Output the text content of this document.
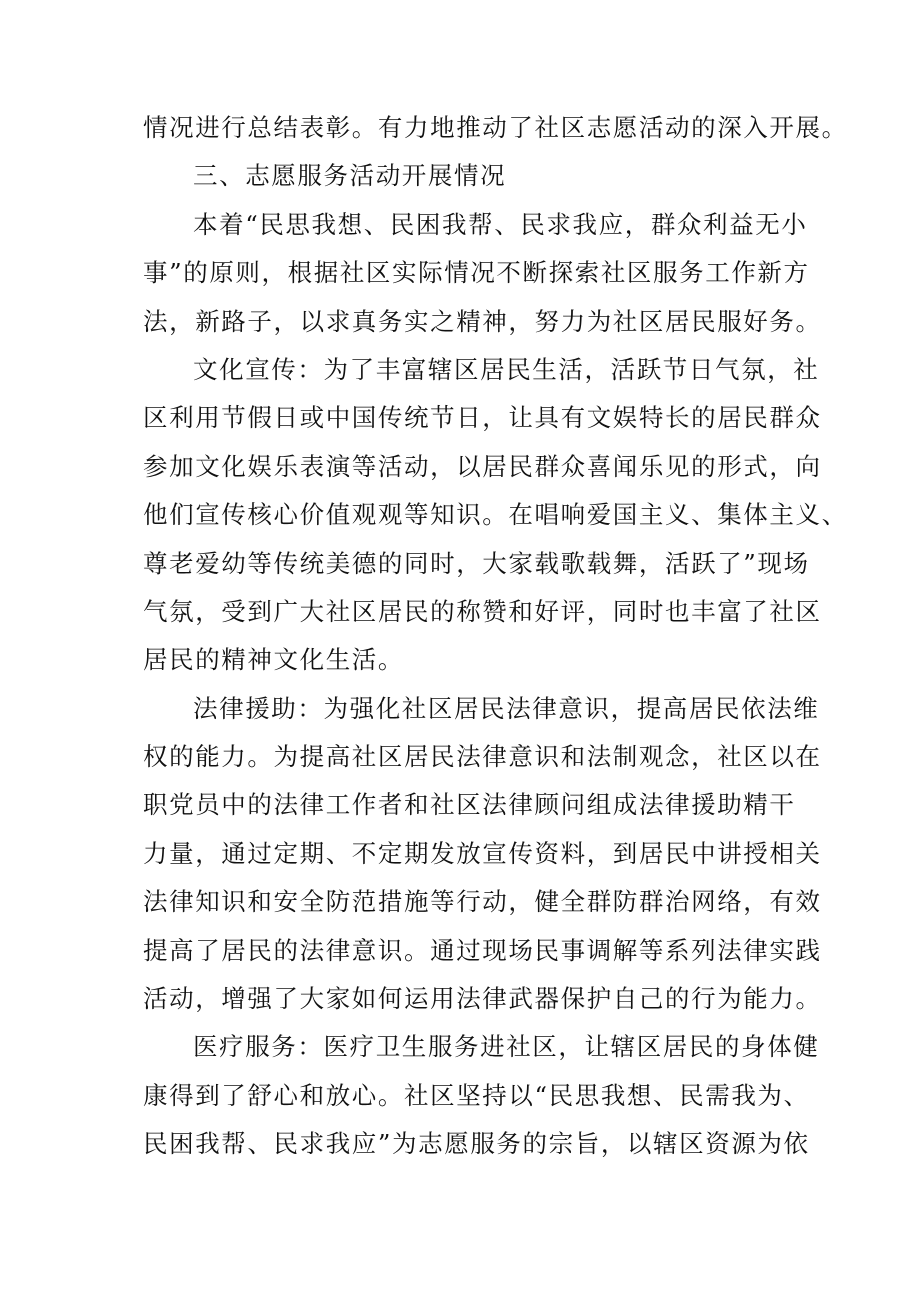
情况进行总结表彰。有力地推动了社区志愿活动的深入开展。
三、志愿服务活动开展情况
本着“民思我想、民困我帮、民求我应，群众利益无小
事”的原则，根据社区实际情况不断探索社区服务工作新方
法，新路子，以求真务实之精神，努力为社区居民服好务。
文化宣传：为了丰富辖区居民生活，活跃节日气氛，社
区利用节假日或中国传统节日，让具有文娱特长的居民群众
参加文化娱乐表演等活动，以居民群众喜闻乐见的形式，向
他们宣传核心价值观观等知识。在唱响爱国主义、集体主义、
尊老爱幼等传统美德的同时，大家载歌载舞，活跃了”现场
气氛，受到广大社区居民的称赞和好评，同时也丰富了社区
居民的精神文化生活。
法律援助：为强化社区居民法律意识，提高居民依法维
权的能力。为提高社区居民法律意识和法制观念，社区以在
职党员中的法律工作者和社区法律顾问组成法律援助精干
力量，通过定期、不定期发放宣传资料，到居民中讲授相关
法律知识和安全防范措施等行动，健全群防群治网络，有效
提高了居民的法律意识。通过现场民事调解等系列法律实践
活动，增强了大家如何运用法律武器保护自己的行为能力。
医疗服务：医疗卫生服务进社区，让辖区居民的身体健
康得到了舒心和放心。社区坚持以“民思我想、民需我为、
民困我帮、民求我应”为志愿服务的宗旨，以辖区资源为依
